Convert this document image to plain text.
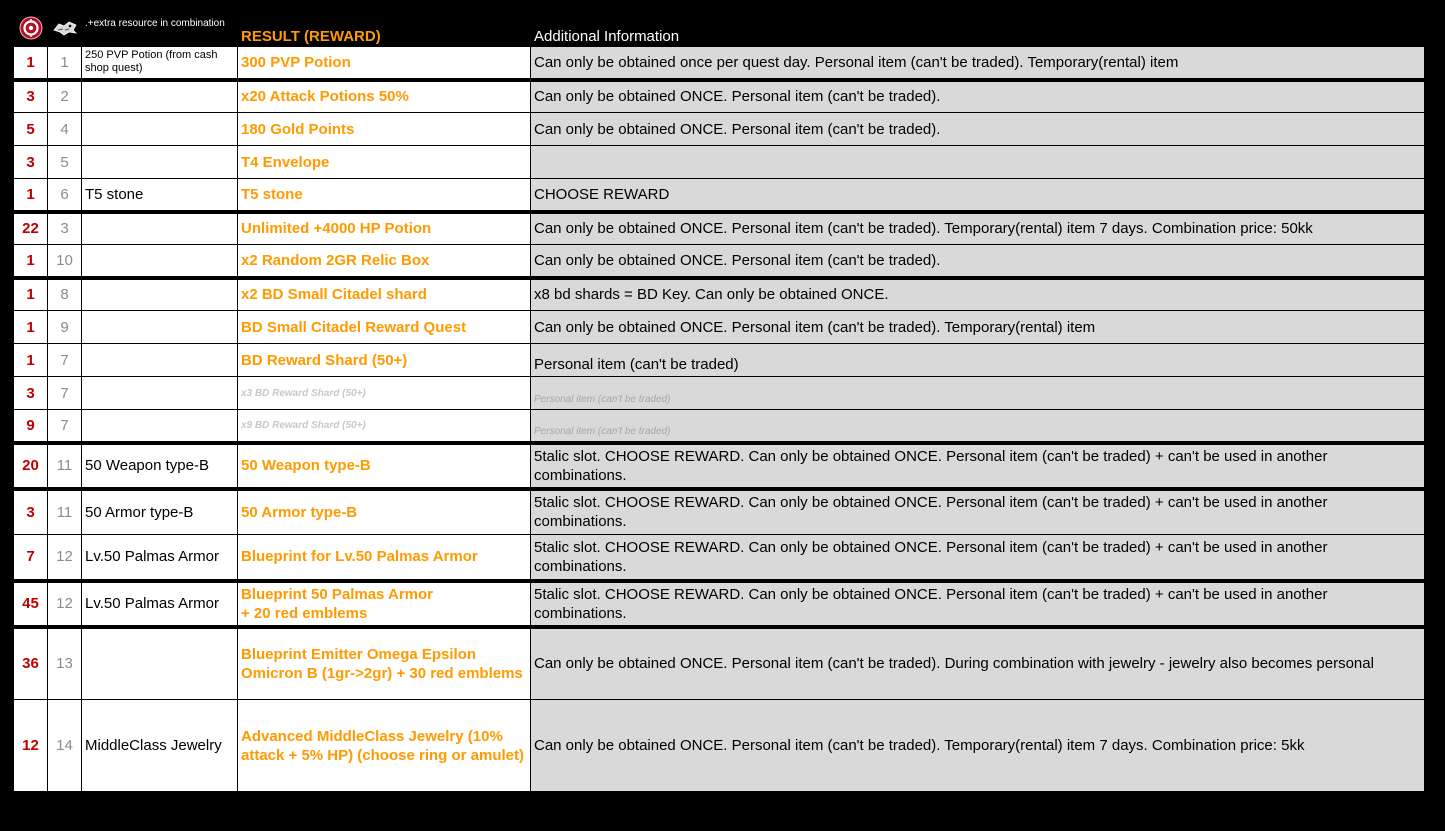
		.+extra resource in combination	RESULT (REWARD)	Additional Information
1	1	250 PVP Potion (from cash shop quest)	300 PVP Potion	Can only be obtained once per quest day. Personal item (can't be traded). Temporary(rental) item
3	2		x20 Attack Potions 50%	Can only be obtained ONCE. Personal item (can't be traded).
5	4		180 Gold Points	Can only be obtained ONCE. Personal item (can't be traded).
3	5		T4 Envelope	
1	6	T5 stone	T5 stone	CHOOSE REWARD
22	3		Unlimited +4000 HP Potion	Can only be obtained ONCE. Personal item (can't be traded). Temporary(rental) item 7 days. Combination price: 50kk
1	10		x2 Random 2GR Relic Box	Can only be obtained ONCE. Personal item (can't be traded).
1	8		x2 BD Small Citadel shard	x8 bd shards = BD Key. Can only be obtained ONCE.
1	9		BD Small Citadel Reward Quest	Can only be obtained ONCE. Personal item (can't be traded). Temporary(rental) item
1	7		BD Reward Shard (50+)	Personal item (can't be traded)
3	7		x3 BD Reward Shard (50+)	Personal item (can't be traded)
9	7		x9 BD Reward Shard (50+)	Personal item (can't be traded)
20	11	50 Weapon type-B	50 Weapon type-B	5talic slot. CHOOSE REWARD. Can only be obtained ONCE. Personal item (can't be traded) + can't be used in another combinations.
3	11	50 Armor type-B	50 Armor type-B	5talic slot. CHOOSE REWARD. Can only be obtained ONCE. Personal item (can't be traded) + can't be used in another combinations.
7	12	Lv.50 Palmas Armor	Blueprint for Lv.50 Palmas Armor	5talic slot. CHOOSE REWARD. Can only be obtained ONCE. Personal item (can't be traded) + can't be used in another combinations.
45	12	Lv.50 Palmas Armor	Blueprint 50 Palmas Armor
+ 20 red emblems	5talic slot. CHOOSE REWARD. Can only be obtained ONCE. Personal item (can't be traded) + can't be used in another combinations.
36	13		Blueprint Emitter Omega Epsilon Omicron B (1gr->2gr) + 30 red emblems	Can only be obtained ONCE. Personal item (can't be traded). During combination with jewelry - jewelry also becomes personal
12	14	MiddleClass Jewelry	Advanced MiddleClass Jewelry (10% attack + 5% HP) (choose ring or amulet)	Can only be obtained ONCE. Personal item (can't be traded). Temporary(rental) item 7 days. Combination price: 5kk
